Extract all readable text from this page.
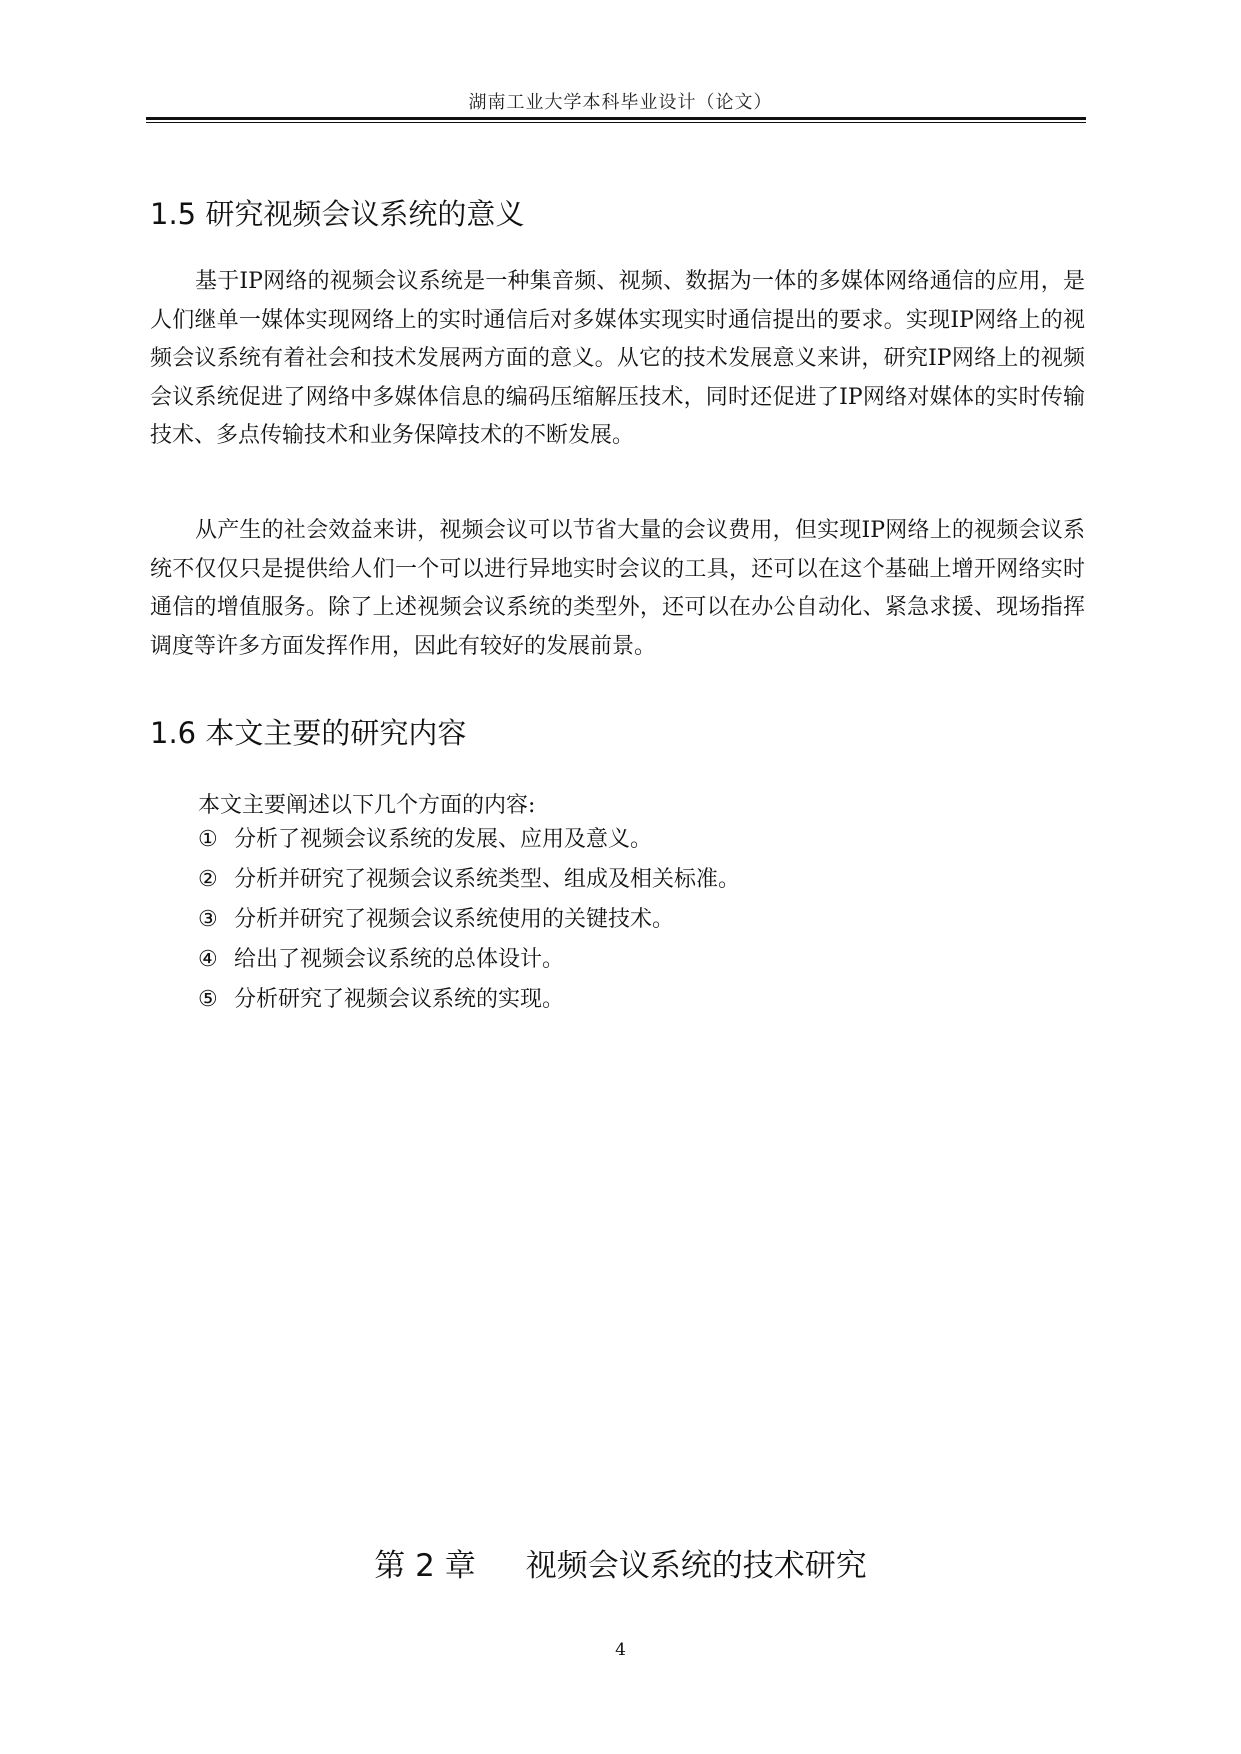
湖南工业大学本科毕业设计（论文）
1.5 研究视频会议系统的意义

基于IP网络的视频会议系统是一种集音频、视频、数据为一体的多媒体网络通信的应用，是人们继单一媒体实现网络上的实时通信后对多媒体实现实时通信提出的要求。实现IP网络上的视频会议系统有着社会和技术发展两方面的意义。从它的技术发展意义来讲，研究IP网络上的视频会议系统促进了网络中多媒体信息的编码压缩解压技术，同时还促进了IP网络对媒体的实时传输技术、多点传输技术和业务保障技术的不断发展。

从产生的社会效益来讲，视频会议可以节省大量的会议费用，但实现IP网络上的视频会议系统不仅仅只是提供给人们一个可以进行异地实时会议的工具，还可以在这个基础上增开网络实时通信的增值服务。除了上述视频会议系统的类型外，还可以在办公自动化、紧急求援、现场指挥调度等许多方面发挥作用，因此有较好的发展前景。

1.6 本文主要的研究内容
本文主要阐述以下几个方面的内容:
① 分析了视频会议系统的发展、应用及意义。
② 分析并研究了视频会议系统类型、组成及相关标准。
③ 分析并研究了视频会议系统使用的关键技术。
④ 给出了视频会议系统的总体设计。
⑤ 分析研究了视频会议系统的实现。
第 2 章 视频会议系统的技术研究
4
